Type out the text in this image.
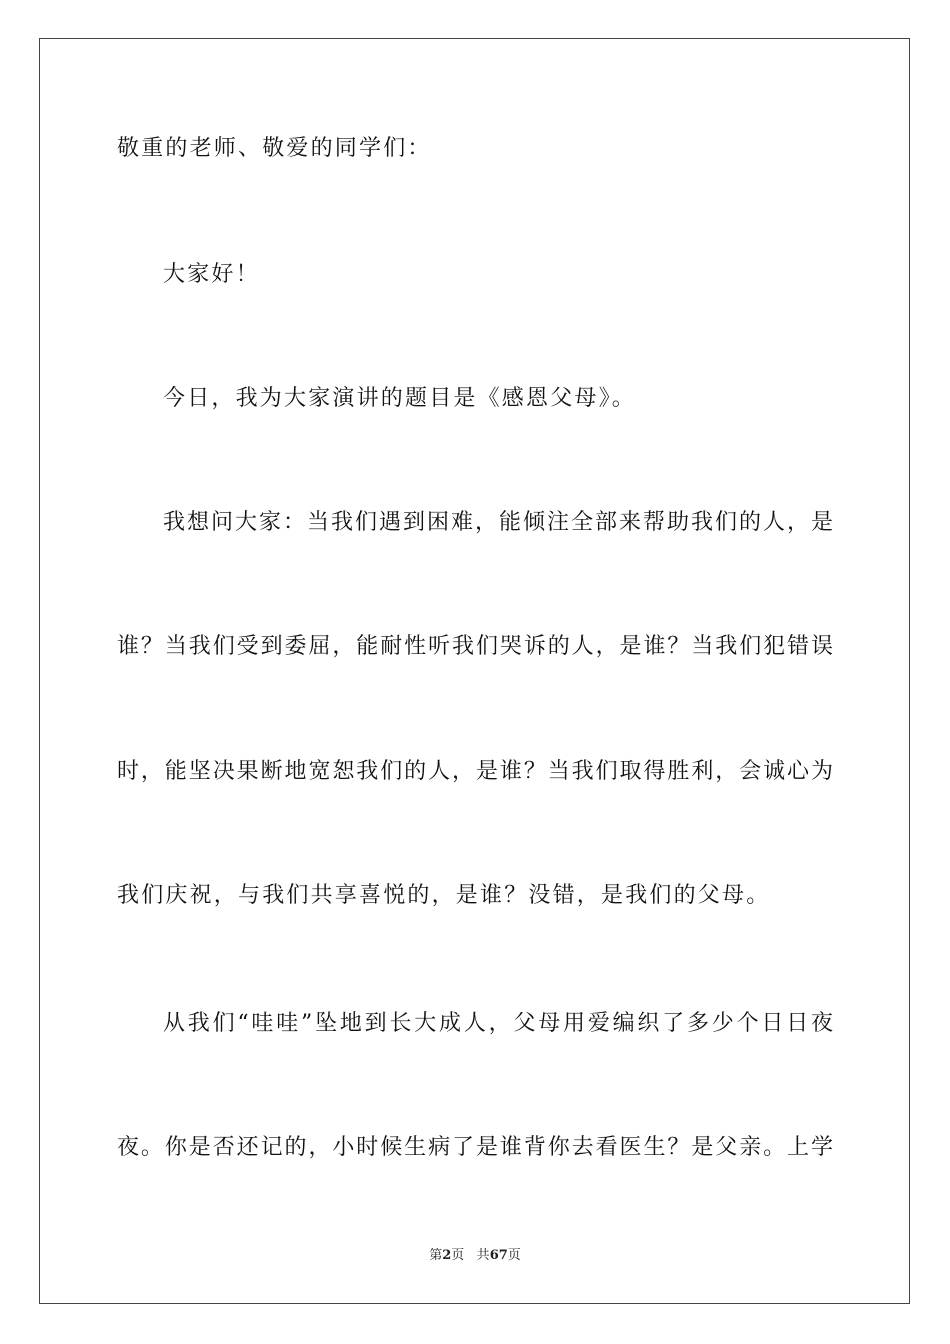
敬重的老师、敬爱的同学们：
大家好！
今日，我为大家演讲的题目是《感恩父母》。
我想问大家：当我们遇到困难，能倾注全部来帮助我们的人，是
谁？当我们受到委屈，能耐性听我们哭诉的人，是谁？当我们犯错误
时，能坚决果断地宽恕我们的人，是谁？当我们取得胜利，会诚心为
我们庆祝，与我们共享喜悦的，是谁？没错，是我们的父母。
从我们“哇哇”坠地到长大成人，父母用爱编织了多少个日日夜
夜。你是否还记的，小时候生病了是谁背你去看医生？是父亲。上学
第2页 共67页
